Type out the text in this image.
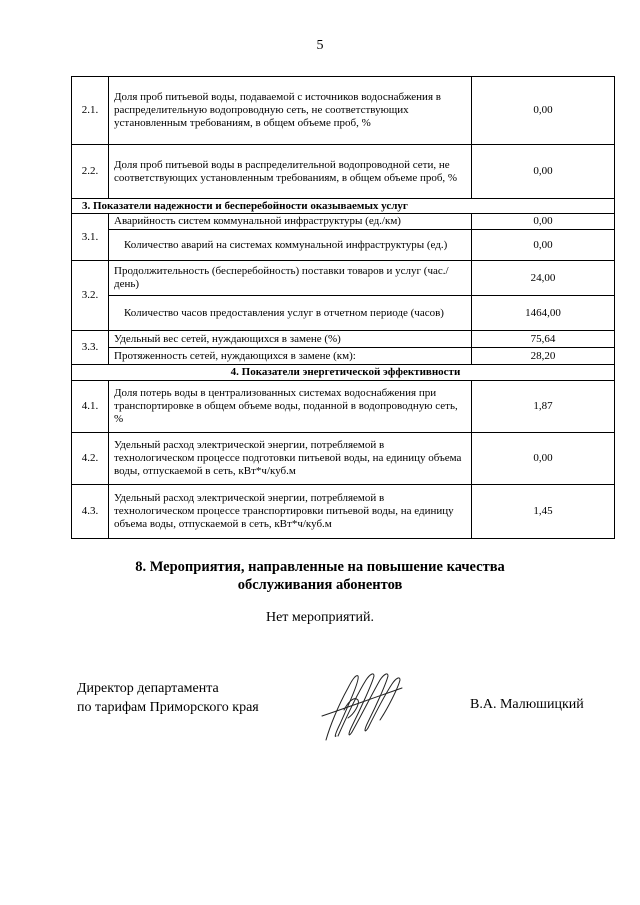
5
2.1.	Доля проб питьевой воды, подаваемой с источников водоснабжения в распределительную водопроводную сеть, не соответствующих установленным требованиям, в общем объеме проб, %	0,00
2.2.	Доля проб питьевой воды в распределительной водопроводной сети, не соответствующих установленным требованиям, в общем объеме проб, %	0,00
3. Показатели надежности и бесперебойности оказываемых услуг		
3.1.	Аварийность систем коммунальной инфраструктуры (ед./км)	0,00
	Количество аварий на системах коммунальной инфраструктуры (ед.)	0,00
3.2.	Продолжительность (бесперебойность) поставки товаров и услуг (час./день)	24,00
	Количество часов предоставления услуг в отчетном периоде (часов)	1464,00
3.3.	Удельный вес сетей, нуждающихся в замене (%)	75,64
	Протяженность сетей, нуждающихся в замене (км):	28,20
4. Показатели энергетической эффективности		
4.1.	Доля потерь воды в централизованных системах водоснабжения при транспортировке в общем объеме воды, поданной в водопроводную сеть, %	1,87
4.2.	Удельный расход электрической энергии, потребляемой в технологическом процессе подготовки питьевой воды, на единицу объема воды, отпускаемой в сеть, кВт*ч/куб.м	0,00
4.3.	Удельный расход электрической энергии, потребляемой в технологическом процессе транспортировки питьевой воды, на единицу объема воды, отпускаемой в сеть, кВт*ч/куб.м	1,45
8. Мероприятия, направленные на повышение качества
обслуживания абонентов
Нет мероприятий.
Директор департамента
по тарифам Приморского края	В.А. Малюшицкий
